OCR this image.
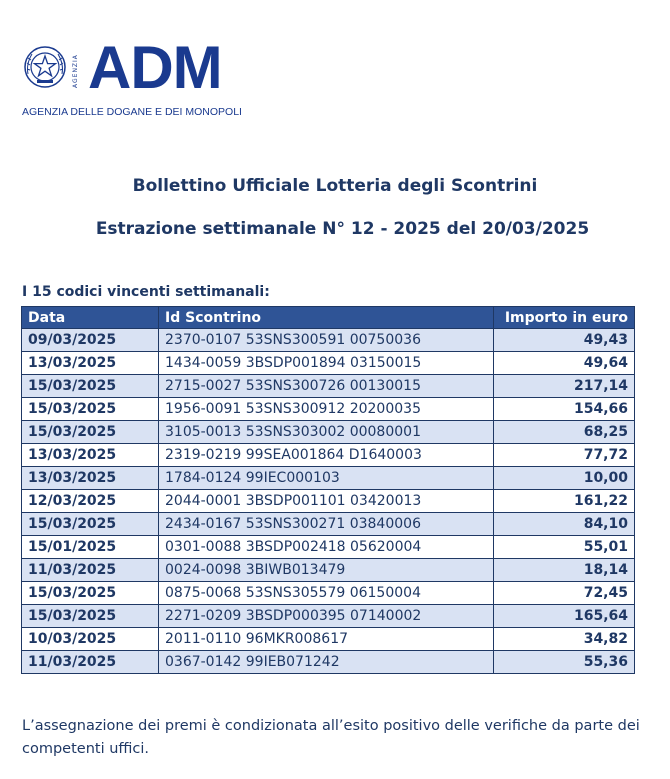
AGENZIA ADM
AGENZIA DELLE DOGANE E DEI MONOPOLI
Bollettino Ufficiale Lotteria degli Scontrini
Estrazione settimanale N° 12 - 2025 del 20/03/2025
I 15 codici vincenti settimanali:
Data	Id Scontrino	Importo in euro
09/03/2025	2370-0107 53SNS300591 00750036	49,43
13/03/2025	1434-0059 3BSDP001894 03150015	49,64
15/03/2025	2715-0027 53SNS300726 00130015	217,14
15/03/2025	1956-0091 53SNS300912 20200035	154,66
15/03/2025	3105-0013 53SNS303002 00080001	68,25
13/03/2025	2319-0219 99SEA001864 D1640003	77,72
13/03/2025	1784-0124 99IEC000103	10,00
12/03/2025	2044-0001 3BSDP001101 03420013	161,22
15/03/2025	2434-0167 53SNS300271 03840006	84,10
15/01/2025	0301-0088 3BSDP002418 05620004	55,01
11/03/2025	0024-0098 3BIWB013479	18,14
15/03/2025	0875-0068 53SNS305579 06150004	72,45
15/03/2025	2271-0209 3BSDP000395 07140002	165,64
10/03/2025	2011-0110 96MKR008617	34,82
11/03/2025	0367-0142 99IEB071242	55,36
L’assegnazione dei premi è condizionata all’esito positivo delle verifiche da parte dei competenti uffici.
